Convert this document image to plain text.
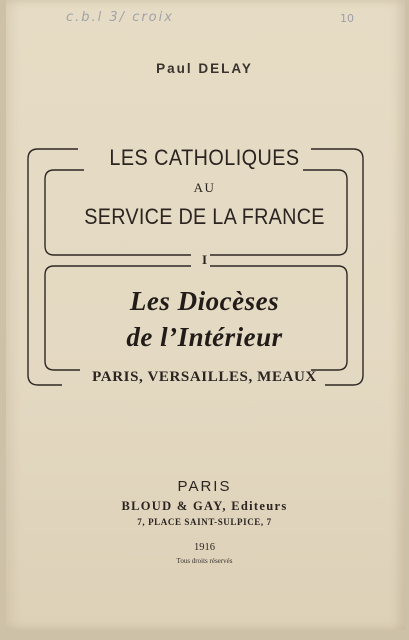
c.b.l 3/ croix	10
Paul DELAY
LES CATHOLIQUES
AU
SERVICE DE LA FRANCE
I
Les Diocèses
de l’Intérieur
PARIS, VERSAILLES, MEAUX
PARIS
BLOUD & GAY, Editeurs
7, PLACE SAINT-SULPICE, 7
1916
Tous droits réservés
